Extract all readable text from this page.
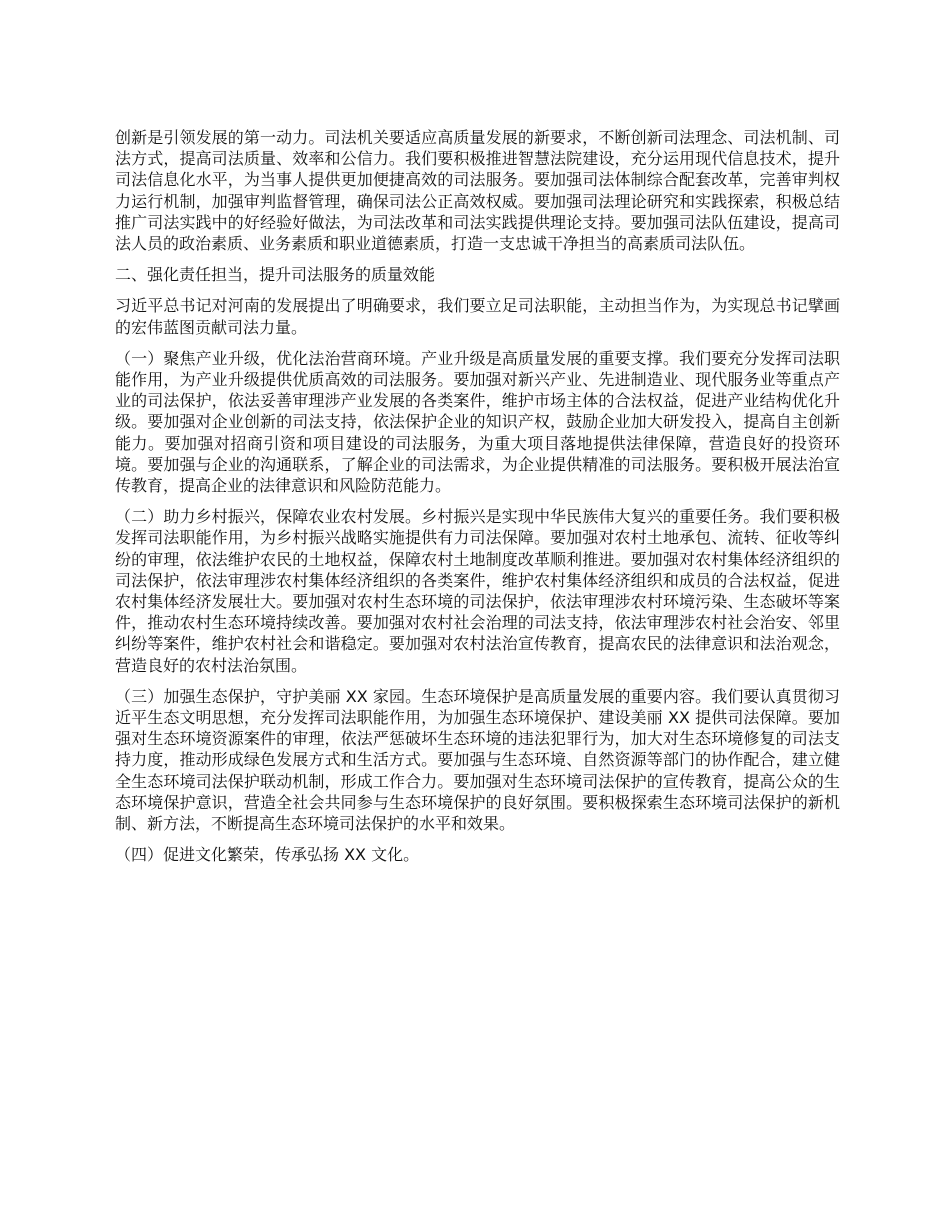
创新是引领发展的第一动力。司法机关要适应高质量发展的新要求，不断创新司法理念、司法机制、司法方式，提高司法质量、效率和公信力。我们要积极推进智慧法院建设，充分运用现代信息技术，提升司法信息化水平，为当事人提供更加便捷高效的司法服务。要加强司法体制综合配套改革，完善审判权力运行机制，加强审判监督管理，确保司法公正高效权威。要加强司法理论研究和实践探索，积极总结推广司法实践中的好经验好做法，为司法改革和司法实践提供理论支持。要加强司法队伍建设，提高司法人员的政治素质、业务素质和职业道德素质，打造一支忠诚干净担当的高素质司法队伍。

二、强化责任担当，提升司法服务的质量效能

习近平总书记对河南的发展提出了明确要求，我们要立足司法职能，主动担当作为，为实现总书记擘画的宏伟蓝图贡献司法力量。

（一）聚焦产业升级，优化法治营商环境。产业升级是高质量发展的重要支撑。我们要充分发挥司法职能作用，为产业升级提供优质高效的司法服务。要加强对新兴产业、先进制造业、现代服务业等重点产业的司法保护，依法妥善审理涉产业发展的各类案件，维护市场主体的合法权益，促进产业结构优化升级。要加强对企业创新的司法支持，依法保护企业的知识产权，鼓励企业加大研发投入，提高自主创新能力。要加强对招商引资和项目建设的司法服务，为重大项目落地提供法律保障，营造良好的投资环境。要加强与企业的沟通联系，了解企业的司法需求，为企业提供精准的司法服务。要积极开展法治宣传教育，提高企业的法律意识和风险防范能力。

（二）助力乡村振兴，保障农业农村发展。乡村振兴是实现中华民族伟大复兴的重要任务。我们要积极发挥司法职能作用，为乡村振兴战略实施提供有力司法保障。要加强对农村土地承包、流转、征收等纠纷的审理，依法维护农民的土地权益，保障农村土地制度改革顺利推进。要加强对农村集体经济组织的司法保护，依法审理涉农村集体经济组织的各类案件，维护农村集体经济组织和成员的合法权益，促进农村集体经济发展壮大。要加强对农村生态环境的司法保护，依法审理涉农村环境污染、生态破坏等案件，推动农村生态环境持续改善。要加强对农村社会治理的司法支持，依法审理涉农村社会治安、邻里纠纷等案件，维护农村社会和谐稳定。要加强对农村法治宣传教育，提高农民的法律意识和法治观念，营造良好的农村法治氛围。

（三）加强生态保护，守护美丽 XX 家园。生态环境保护是高质量发展的重要内容。我们要认真贯彻习近平生态文明思想，充分发挥司法职能作用，为加强生态环境保护、建设美丽 XX 提供司法保障。要加强对生态环境资源案件的审理，依法严惩破坏生态环境的违法犯罪行为，加大对生态环境修复的司法支持力度，推动形成绿色发展方式和生活方式。要加强与生态环境、自然资源等部门的协作配合，建立健全生态环境司法保护联动机制，形成工作合力。要加强对生态环境司法保护的宣传教育，提高公众的生态环境保护意识，营造全社会共同参与生态环境保护的良好氛围。要积极探索生态环境司法保护的新机制、新方法，不断提高生态环境司法保护的水平和效果。

（四）促进文化繁荣，传承弘扬 XX 文化。
